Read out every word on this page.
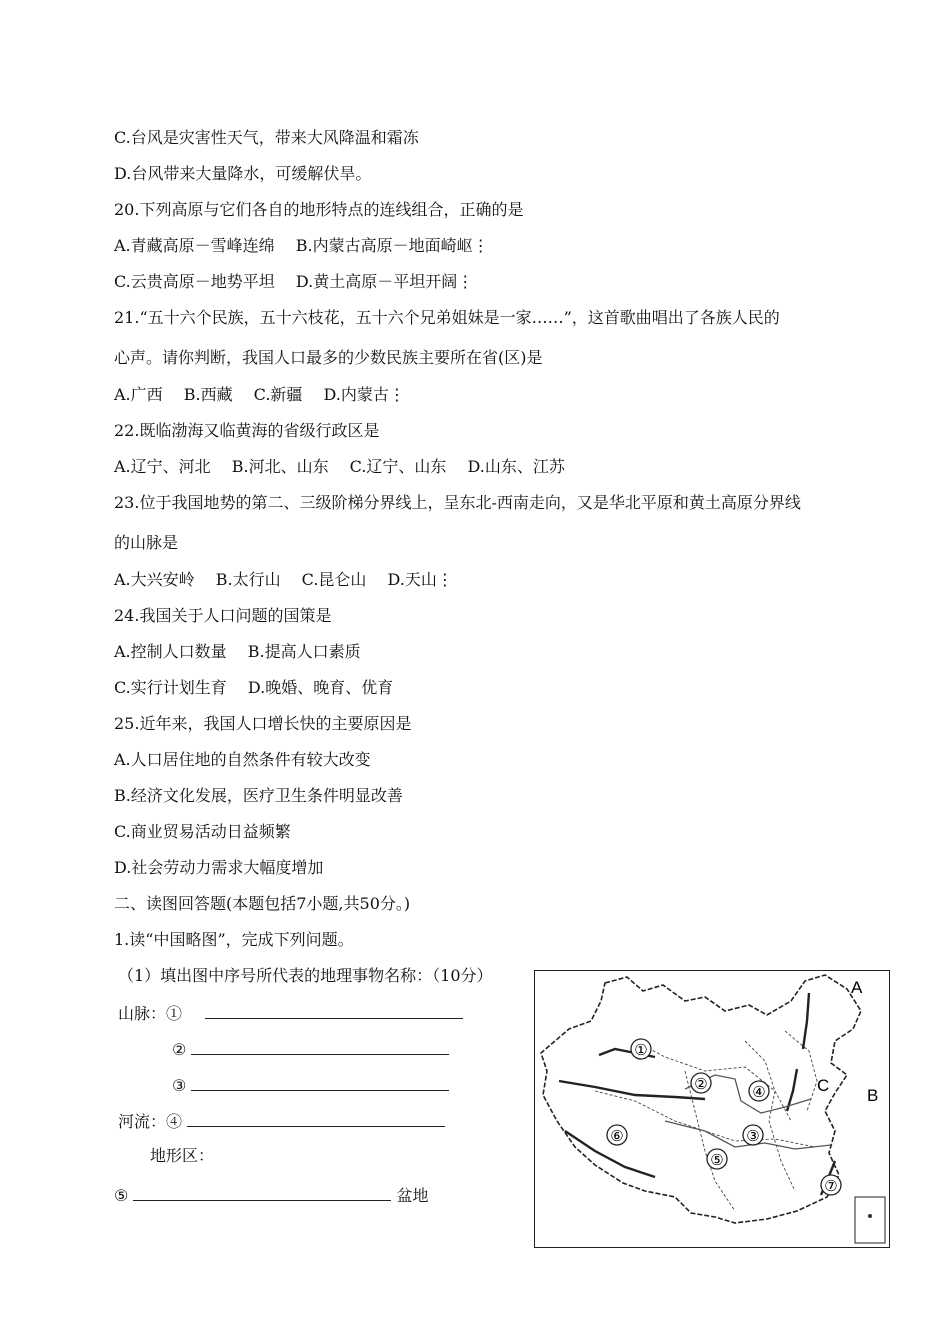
C.台风是灾害性天气，带来大风降温和霜冻
D.台风带来大量降水，可缓解伏旱。
20.下列高原与它们各自的地形特点的连线组合，正确的是
A.青藏高原－雪峰连绵　 B.内蒙古高原－地面崎岖⋮
C.云贵高原－地势平坦　 D.黄土高原－平坦开阔⋮
21.“五十六个民族，五十六枝花，五十六个兄弟姐妹是一家……”，这首歌曲唱出了各族人民的
心声。请你判断，我国人口最多的少数民族主要所在省(区)是
A.广西　 B.西藏　 C.新疆　 D.内蒙古⋮
22.既临渤海又临黄海的省级行政区是
A.辽宁、河北　 B.河北、山东　 C.辽宁、山东　 D.山东、江苏
23.位于我国地势的第二、三级阶梯分界线上，呈东北-西南走向，又是华北平原和黄土高原分界线
的山脉是
A.大兴安岭　 B.太行山　 C.昆仑山　 D.天山⋮
24.我国关于人口问题的国策是
A.控制人口数量　 B.提高人口素质
C.实行计划生育　 D.晚婚、晚育、优育
25.近年来，我国人口增长快的主要原因是
A.人口居住地的自然条件有较大改变
B.经济文化发展，医疗卫生条件明显改善
C.商业贸易活动日益频繁
D.社会劳动力需求大幅度增加
二、读图回答题(本题包括7小题,共50分。)
1.读“中国略图”，完成下列问题。
（1）填出图中序号所代表的地理事物名称：（10分）
山脉：①
②
③
河流：④
地形区：
⑤	盆地
①
②
③
④
⑤
⑥
⑦
A
B
C
